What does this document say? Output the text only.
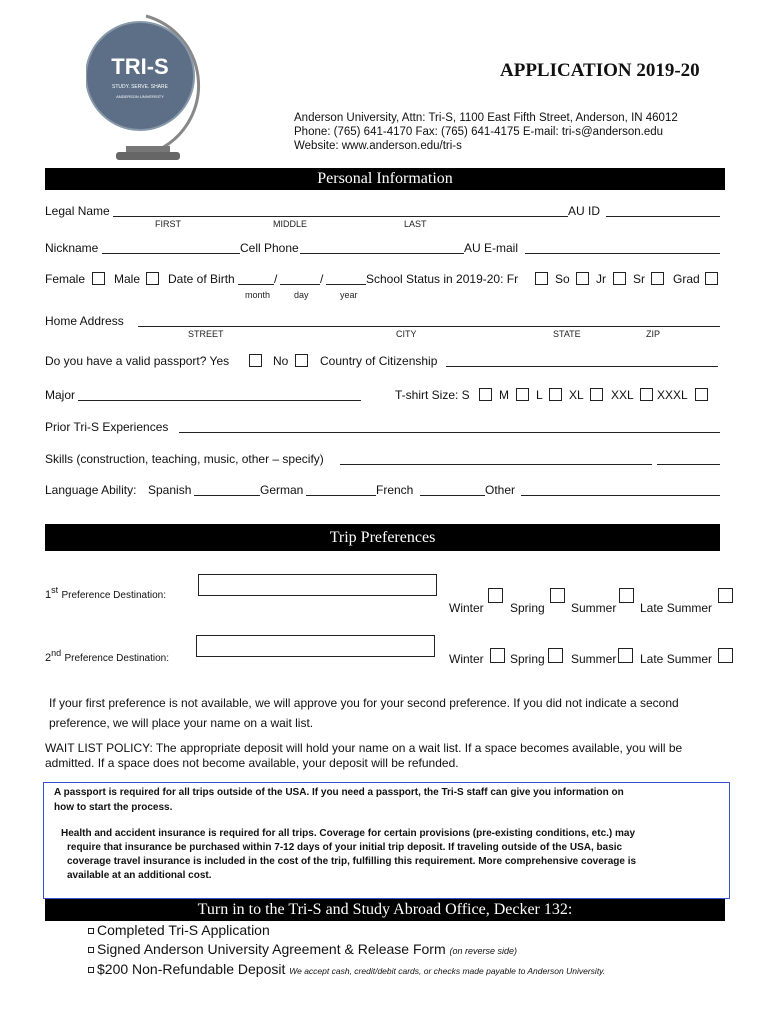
TRI-S
STUDY. SERVE. SHARE
ANDERSON UNIVERSITY
APPLICATION 2019-20
Anderson University, Attn: Tri-S, 1100 East Fifth Street, Anderson, IN 46012
Phone: (765) 641-4170 Fax: (765) 641-4175 E-mail: tri-s@anderson.edu
Website: www.anderson.edu/tri-s
Personal Information
Legal Name
FIRST	MIDDLE	LAST
AU ID
Nickname	Cell Phone	AU E-mail
Female Male Date of Birth	/	/
month	day	year
School Status in 2019-20: Fr	So Jr Sr Grad
Home Address
STREET	CITY	STATE	ZIP
Do you have a valid passport? Yes	No	Country of Citizenship
Major	T-shirt Size: S M L XL XXL XXXL
Prior Tri-S Experiences
Skills (construction, teaching, music, other – specify)
Language Ability: Spanish	German	French	Other
Trip Preferences
1st Preference Destination:
Winter Spring Summer Late Summer
2nd Preference Destination:	Winter Spring Summer Late Summer
If your first preference is not available, we will approve you for your second preference. If you did not indicate a second
preference, we will place your name on a wait list.
WAIT LIST POLICY: The appropriate deposit will hold your name on a wait list. If a space becomes available, you will be
admitted. If a space does not become available, your deposit will be refunded.
A passport is required for all trips outside of the USA. If you need a passport, the Tri-S staff can give you information on
how to start the process.
Health and accident insurance is required for all trips. Coverage for certain provisions (pre-existing conditions, etc.) may
require that insurance be purchased within 7-12 days of your initial trip deposit. If traveling outside of the USA, basic
coverage travel insurance is included in the cost of the trip, fulfilling this requirement. More comprehensive coverage is
available at an additional cost.
Turn in to the Tri-S and Study Abroad Office, Decker 132:
Completed Tri-S Application
Signed Anderson University Agreement & Release Form (on reverse side)
$200 Non-Refundable Deposit We accept cash, credit/debit cards, or checks made payable to Anderson University.
